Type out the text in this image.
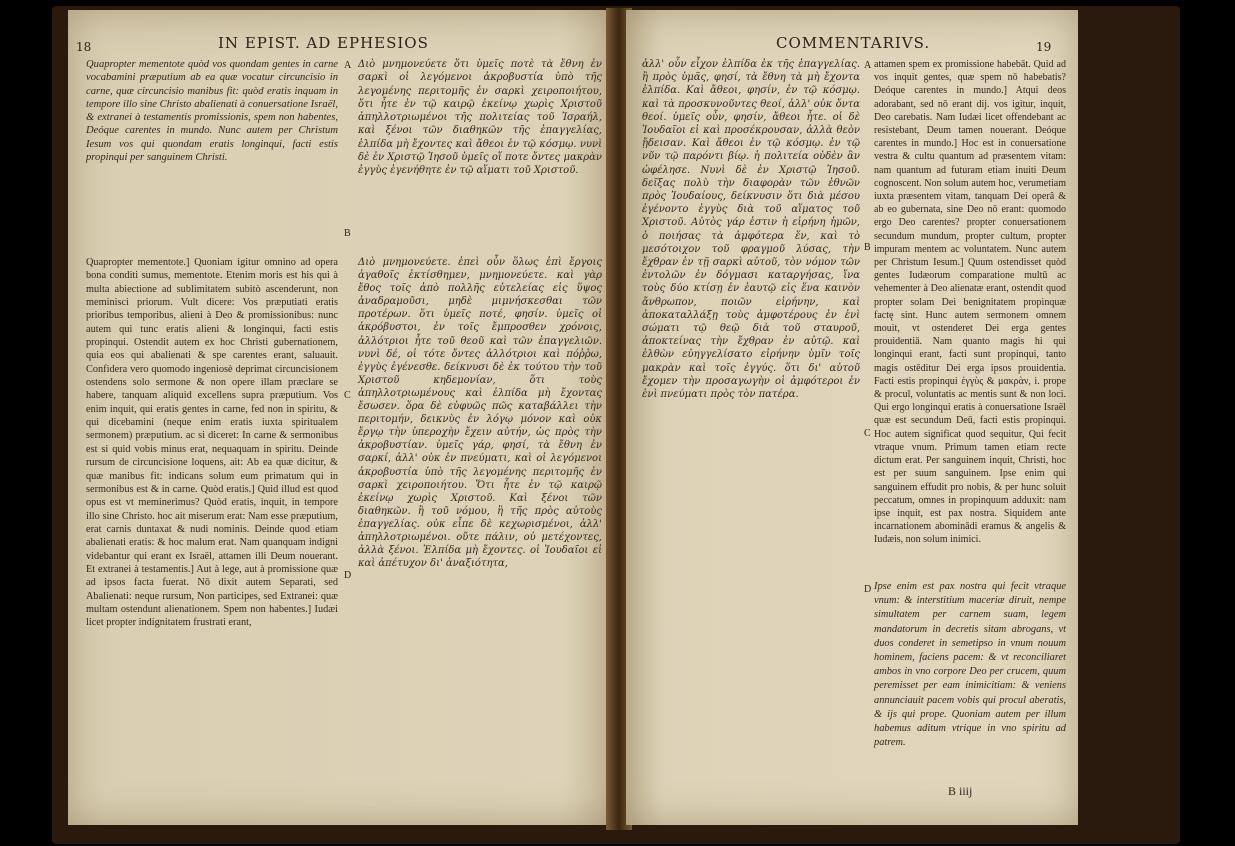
18	IN EPIST. AD EPHESIOS
Quapropter mementote quòd vos quondam gentes in carne vocabamini præputium ab ea quæ vocatur circuncisio in carne, quæ circuncisio manibus fit: quòd eratis inquam in tempore illo sine Christo abalienati à conuersatione Israël, & extranei à testamentis promissionis, spem non habentes, Deóque carentes in mundo. Nunc autem per Christum Iesum vos qui quondam eratis longinqui, facti estis propinqui per sanguinem Christi.
Quapropter mementote.] Quoniam igitur omnino ad opera bona conditi sumus, mementote. Etenim moris est his qui à multa abiectione ad sublimitatem subitò ascenderunt, non meminisci priorum. Vult dicere: Vos præputiati eratis prioribus temporibus, alieni à Deo & promissionibus: nunc autem qui tunc eratis alieni & longinqui, facti estis propinqui. Ostendit autem ex hoc Christi gubernationem, quia eos qui abalienati & spe carentes erant, saluauit. Confidera vero quomodo ingeniosè deprimat circuncisionem ostendens solo sermone & non opere illam præclare se habere, tanquam aliquid excellens supra præputium. Vos enim inquit, qui eratis gentes in carne, fed non in spiritu, & qui dicebamini (neque enim eratis iuxta spiritualem sermonem) præputium. ac si diceret: In carne & sermonibus est si quid vobis minus erat, nequaquam in spiritu. Deinde rursum de circuncisione loquens, ait: Ab ea quæ dicitur, & quæ manibus fit: indicans solum eum primatum qui in sermonibus est & in carne. Quòd eratis.] Quid illud est quod opus est vt meminerimus? Quòd eratis, inquit, in tempore illo sine Christo. hoc ait miserum erat: Nam esse præputium, erat carnis duntaxat & nudi nominis. Deinde quod etiam abalienati eratis: & hoc malum erat. Nam quanquam indigni videbantur qui erant ex Israël, attamen illi Deum nouerant. Et extranei à testamentis.] Aut à lege, aut à promissione quæ ad ipsos facta fuerat. Nō dixit autem Separati, sed Abalienati: neque rursum, Non participes, sed Extranei: quæ multam ostendunt alienationem. Spem non habentes.] Iudæi licet propter indignitatem frustrati erant,
A
B
C
D
Διὸ μνημονεύετε ὅτι ὑμεῖς ποτὲ τὰ ἔθνη ἐν σαρκὶ οἱ λεγόμενοι ἀκροβυστία ὑπὸ τῆς λεγομένης περιτομῆς ἐν σαρκὶ χειροποιήτου, ὅτι ἦτε ἐν τῷ καιρῷ ἐκείνῳ χωρὶς Χριστοῦ ἀπηλλοτριωμένοι τῆς πολιτείας τοῦ Ἰσραήλ, καὶ ξένοι τῶν διαθηκῶν τῆς ἐπαγγελίας, ἐλπίδα μὴ ἔχοντες καὶ ἄθεοι ἐν τῷ κόσμῳ. νυνὶ δὲ ἐν Χριστῷ Ἰησοῦ ὑμεῖς οἵ ποτε ὄντες μακρὰν ἐγγὺς ἐγενήθητε ἐν τῷ αἵματι τοῦ Χριστοῦ.
Διὸ μνημονεύετε. ἐπεὶ οὖν ὅλως ἐπὶ ἔργοις ἀγαθοῖς ἐκτίσθημεν, μνημονεύετε. καὶ γὰρ ἔθος τοῖς ἀπὸ πολλῆς εὐτελείας εἰς ὕψος ἀναδραμοῦσι, μηδὲ μιμνήσκεσθαι τῶν προτέρων. ὅτι ὑμεῖς ποτέ, φησίν. ὑμεῖς οἱ ἀκρόβυστοι, ἐν τοῖς ἔμπροσθεν χρόνοις, ἀλλότριοι ἦτε τοῦ θεοῦ καὶ τῶν ἐπαγγελιῶν. νυνὶ δέ, οἱ τότε ὄντες ἀλλότριοι καὶ πόῤῥω, ἐγγὺς ἐγένεσθε. δείκνυσι δὲ ἐκ τούτου τὴν τοῦ Χριστοῦ κηδεμονίαν, ὅτι τοὺς ἀπηλλοτριωμένους καὶ ἐλπίδα μὴ ἔχοντας ἔσωσεν. ὅρα δὲ εὐφυῶς πῶς καταβάλλει τὴν περιτομήν, δεικνὺς ἐν λόγῳ μόνον καὶ οὐκ ἔργῳ τὴν ὑπεροχὴν ἔχειν αὐτήν, ὡς πρὸς τὴν ἀκροβυστίαν. ὑμεῖς γάρ, φησί, τὰ ἔθνη ἐν σαρκί, ἀλλ' οὐκ ἐν πνεύματι, καὶ οἱ λεγόμενοι ἀκροβυστία ὑπὸ τῆς λεγομένης περιτομῆς ἐν σαρκὶ χειροποιήτου. Ὅτι ἦτε ἐν τῷ καιρῷ ἐκείνῳ χωρὶς Χριστοῦ. Καὶ ξένοι τῶν διαθηκῶν. ἢ τοῦ νόμου, ἢ τῆς πρὸς αὐτοὺς ἐπαγγελίας. οὐκ εἶπε δὲ κεχωρισμένοι, ἀλλ' ἀπηλλοτριωμένοι. οὔτε πάλιν, οὐ μετέχοντες, ἀλλὰ ξένοι. Ἐλπίδα μὴ ἔχοντες. οἱ Ἰουδαῖοι εἰ καὶ ἀπέτυχον δι' ἀναξιότητα,
COMMENTARIVS.	19
ἀλλ' οὖν εἶχον ἐλπίδα ἐκ τῆς ἐπαγγελίας. ἢ πρὸς ὑμᾶς, φησί, τὰ ἔθνη τὰ μὴ ἔχοντα ἐλπίδα. Καὶ ἄθεοι, φησίν, ἐν τῷ κόσμῳ. καὶ τὰ προσκυνοῦντες θεοί, ἀλλ' οὐκ ὄντα θεοί. ὑμεῖς οὖν, φησίν, ἄθεοι ἦτε. οἱ δὲ Ἰουδαῖοι εἰ καὶ προσέκρουσαν, ἀλλὰ θεὸν ᾔδεισαν. Καὶ ἄθεοι ἐν τῷ κόσμῳ. ἐν τῷ νῦν τῷ παρόντι βίῳ. ἡ πολιτεία οὐδὲν ἂν ὠφέλησε. Νυνὶ δὲ ἐν Χριστῷ Ἰησοῦ. δεῖξας πολὺ τὴν διαφορὰν τῶν ἐθνῶν πρὸς Ἰουδαίους, δείκνυσιν ὅτι διὰ μέσου ἐγένοντο ἐγγὺς διὰ τοῦ αἵματος τοῦ Χριστοῦ. Αὐτὸς γάρ ἐστιν ἡ εἰρήνη ἡμῶν, ὁ ποιήσας τὰ ἀμφότερα ἕν, καὶ τὸ μεσότοιχον τοῦ φραγμοῦ λύσας, τὴν ἔχθραν ἐν τῇ σαρκὶ αὐτοῦ, τὸν νόμον τῶν ἐντολῶν ἐν δόγμασι καταργήσας, ἵνα τοὺς δύο κτίσῃ ἐν ἑαυτῷ εἰς ἕνα καινὸν ἄνθρωπον, ποιῶν εἰρήνην, καὶ ἀποκαταλλάξῃ τοὺς ἀμφοτέρους ἐν ἑνὶ σώματι τῷ θεῷ διὰ τοῦ σταυροῦ, ἀποκτείνας τὴν ἔχθραν ἐν αὐτῷ. καὶ ἐλθὼν εὐηγγελίσατο εἰρήνην ὑμῖν τοῖς μακρὰν καὶ τοῖς ἐγγύς. ὅτι δι' αὐτοῦ ἔχομεν τὴν προσαγωγὴν οἱ ἀμφότεροι ἐν ἑνὶ πνεύματι πρὸς τὸν πατέρα.
A
B
C
D
attamen spem ex promissione habebāt. Quid ad vos inquit gentes, quæ spem nō habebatis? Deóque carentes in mundo.] Atqui deos adorabant, sed nō erant dij. vos igitur, inquit, Deo carebatis. Nam Iudæi licet offendebant ac resistebant, Deum tamen nouerant. Deóque carentes in mundo.] Hoc est in conuersatione vestra & cultu quantum ad præsentem vitam: nam quantum ad futuram etiam inuiti Deum cognoscent. Non solum autem hoc, verumetiam iuxta præsentem vitam, tanquam Dei operâ & ab eo gubernata, sine Deo nō erant: quomodo ergo Deo carentes? propter conuersationem secundum mundum, propter cultum, propter impuram mentem ac voluntatem. Nunc autem per Christum Iesum.] Quum ostendisset quòd gentes Iudæorum comparatione multū ac vehementer à Deo alienatæ erant, ostendit quod propter solam Dei benignitatem propinquæ factę sint. Hunc autem sermonem omnem mouit, vt ostenderet Dei erga gentes prouidentiā. Nam quanto magis hi qui longinqui erant, facti sunt propinqui, tanto magis ostēditur Dei erga ipsos prouidentia. Facti estis propinqui ἐγγὺς & μακρὰν, i. prope & procul, voluntatis ac mentis sunt & non loci. Qui ergo longinqui eratis à conuersatione Israël quæ est secundum Deū, facti estis propinqui. Hoc autem significat quod sequitur, Qui fecit vtraque vnum. Primum tamen etiam recte dictum erat. Per sanguinem inquit, Christi, hoc est per suum sanguinem. Ipse enim qui sanguinem effudit pro nobis, & per hunc soluit peccatum, omnes in propinquum adduxit: nam ipse inquit, est pax nostra. Siquidem ante incarnationem abominādi eramus & angelis & Iudæis, non solum inimici.
Ipse enim est pax nostra qui fecit vtraque vnum: & interstitium maceriæ diruit, nempe simultatem per carnem suam, legem mandatorum in decretis sitam abrogans, vt duos conderet in semetipso in vnum nouum hominem, faciens pacem: & vt reconciliaret ambos in vno corpore Deo per crucem, quum peremisset per eam inimicitiam: & veniens annunciauit pacem vobis qui procul aberatis, & ijs qui prope. Quoniam autem per illum habemus aditum vtrique in vno spiritu ad patrem.
B iiij
